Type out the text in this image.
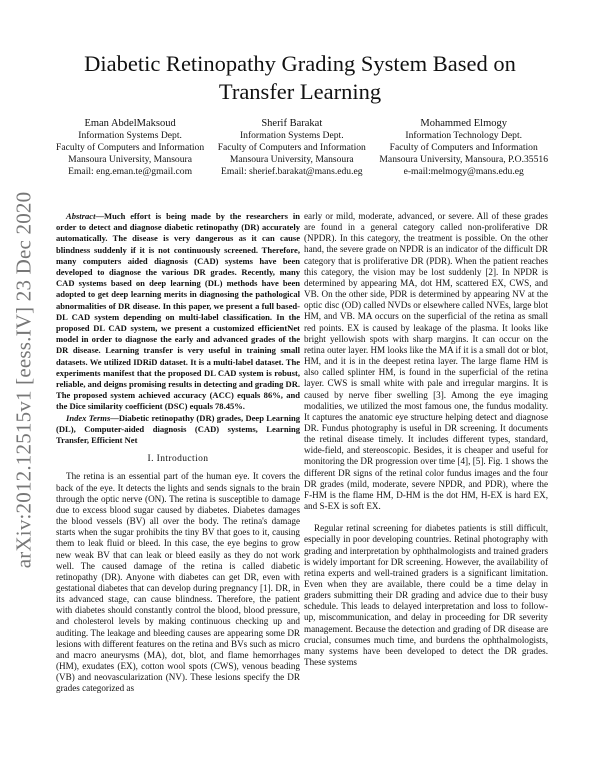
arXiv:2012.12515v1 [eess.IV] 23 Dec 2020
Diabetic Retinopathy Grading System Based on Transfer Learning
Eman AbdelMaksoud
Information Systems Dept.
Faculty of Computers and Information
Mansoura University, Mansoura
Email: eng.eman.te@gmail.com
Sherif Barakat
Information Systems Dept.
Faculty of Computers and Information
Mansoura University, Mansoura
Email: sherief.barakat@mans.edu.eg
Mohammed Elmogy
Information Technology Dept.
Faculty of Computers and Information
Mansoura University, Mansoura, P.O.35516
e-mail:melmogy@mans.edu.eg

Abstract—Much effort is being made by the researchers in order to detect and diagnose diabetic retinopathy (DR) accurately automatically. The disease is very dangerous as it can cause blindness suddenly if it is not continuously screened. Therefore, many computers aided diagnosis (CAD) systems have been developed to diagnose the various DR grades. Recently, many CAD systems based on deep learning (DL) methods have been adopted to get deep learning merits in diagnosing the pathological abnormalities of DR disease. In this paper, we present a full based-DL CAD system depending on multi-label classification. In the proposed DL CAD system, we present a customized efficientNet model in order to diagnose the early and advanced grades of the DR disease. Learning transfer is very useful in training small datasets. We utilized IDRiD dataset. It is a multi-label dataset. The experiments manifest that the proposed DL CAD system is robust, reliable, and deigns promising results in detecting and grading DR. The proposed system achieved accuracy (ACC) equals 86%, and the Dice similarity coefficient (DSC) equals 78.45%.

Index Terms—Diabetic retinopathy (DR) grades, Deep Learning (DL), Computer-aided diagnosis (CAD) systems, Learning Transfer, Efficient Net

I. Introduction

The retina is an essential part of the human eye. It covers the back of the eye. It detects the lights and sends signals to the brain through the optic nerve (ON). The retina is susceptible to damage due to excess blood sugar caused by diabetes. Diabetes damages the blood vessels (BV) all over the body. The retina's damage starts when the sugar prohibits the tiny BV that goes to it, causing them to leak fluid or bleed. In this case, the eye begins to grow new weak BV that can leak or bleed easily as they do not work well. The caused damage of the retina is called diabetic retinopathy (DR). Anyone with diabetes can get DR, even with gestational diabetes that can develop during pregnancy [1]. DR, in its advanced stage, can cause blindness. Therefore, the patient with diabetes should constantly control the blood, blood pressure, and cholesterol levels by making continuous checking up and auditing. The leakage and bleeding causes are appearing some DR lesions with different features on the retina and BVs such as micro and macro aneurysms (MA), dot, blot, and flame hemorrhages (HM), exudates (EX), cotton wool spots (CWS), venous beading (VB) and neovascularization (NV). These lesions specify the DR grades categorized as

early or mild, moderate, advanced, or severe. All of these grades are found in a general category called non-proliferative DR (NPDR). In this category, the treatment is possible. On the other hand, the severe grade on NPDR is an indicator of the difficult DR category that is proliferative DR (PDR). When the patient reaches this category, the vision may be lost suddenly [2]. In NPDR is determined by appearing MA, dot HM, scattered EX, CWS, and VB. On the other side, PDR is determined by appearing NV at the optic disc (OD) called NVDs or elsewhere called NVEs, large blot HM, and VB. MA occurs on the superficial of the retina as small red points. EX is caused by leakage of the plasma. It looks like bright yellowish spots with sharp margins. It can occur on the retina outer layer. HM looks like the MA if it is a small dot or blot, HM, and it is in the deepest retina layer. The large flame HM is also called splinter HM, is found in the superficial of the retina layer. CWS is small white with pale and irregular margins. It is caused by nerve fiber swelling [3]. Among the eye imaging modalities, we utilized the most famous one, the fundus modality. It captures the anatomic eye structure helping detect and diagnose DR. Fundus photography is useful in DR screening. It documents the retinal disease timely. It includes different types, standard, wide-field, and stereoscopic. Besides, it is cheaper and useful for monitoring the DR progression over time [4], [5]. Fig. 1 shows the different DR signs of the retinal color fundus images and the four DR grades (mild, moderate, severe NPDR, and PDR), where the F-HM is the flame HM, D-HM is the dot HM, H-EX is hard EX, and S-EX is soft EX.

Regular retinal screening for diabetes patients is still difficult, especially in poor developing countries. Retinal photography with grading and interpretation by ophthalmologists and trained graders is widely important for DR screening. However, the availability of retina experts and well-trained graders is a significant limitation. Even when they are available, there could be a time delay in graders submitting their DR grading and advice due to their busy schedule. This leads to delayed interpretation and loss to follow-up, miscommunication, and delay in proceeding for DR severity management. Because the detection and grading of DR disease are crucial, consumes much time, and burdens the ophthalmologists, many systems have been developed to detect the DR grades. These systems
